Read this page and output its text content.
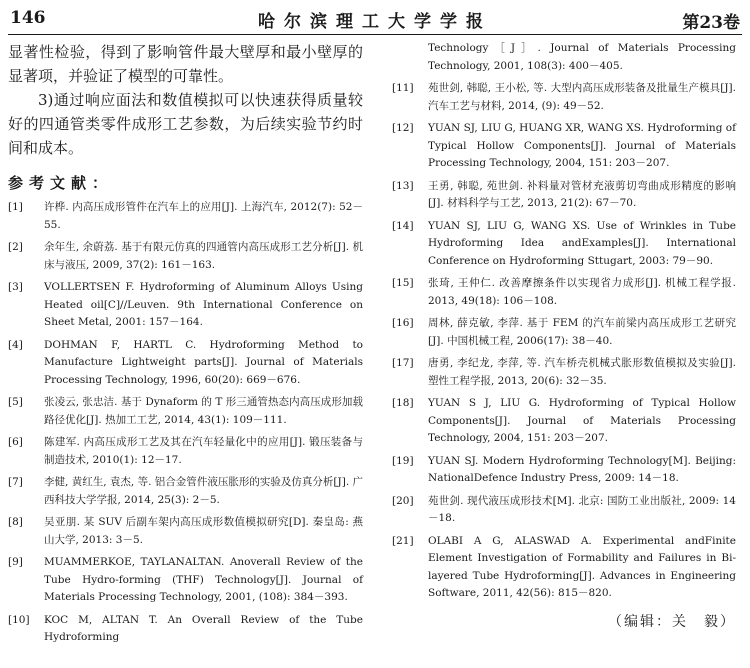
146	哈尔滨理工大学学报	第23卷

显著性检验，得到了影响管件最大壁厚和最小壁厚的显著项，并验证了模型的可靠性。

3)通过响应面法和数值模拟可以快速获得质量较好的四通管类零件成形工艺参数，为后续实验节约时间和成本。

参考文献：
[1]	许桦. 内高压成形管件在汽车上的应用[J]. 上海汽车, 2012(7): 52－55.
[2]	余年生, 余蔚荔. 基于有限元仿真的四通管内高压成形工艺分析[J]. 机床与液压, 2009, 37(2): 161－163.
[3]	VOLLERTSEN F. Hydroforming of Aluminum Alloys Using Heated oil[C]//Leuven. 9th International Conference on Sheet Metal, 2001: 157－164.
[4]	DOHMAN F, HARTL C. Hydroforming Method to Manufacture Lightweight parts[J]. Journal of Materials Processing Technology, 1996, 60(20): 669－676.
[5]	张凌云, 张忠洁. 基于 Dynaform 的 T 形三通管热态内高压成形加载路径优化[J]. 热加工工艺, 2014, 43(1): 109－111.
[6]	陈建军. 内高压成形工艺及其在汽车轻量化中的应用[J]. 锻压装备与制造技术, 2010(1): 12－17.
[7]	李健, 黄红生, 袁杰, 等. 铝合金管件液压胀形的实验及仿真分析[J]. 广西科技大学学报, 2014, 25(3): 2－5.
[8]	吴亚朋. 某 SUV 后副车架内高压成形数值模拟研究[D]. 秦皇岛: 燕山大学, 2013: 3－5.
[9]	MUAMMERKOE, TAYLANALTAN. Anoverall Review of the Tube Hydro-forming (THF) Technology[J]. Journal of Materials Processing Technology, 2001, (108): 384－393.
[10]	KOC M, ALTAN T. An Overall Review of the Tube Hydroforming
Technology［J］. Journal of Materials Processing Technology, 2001, 108(3): 400－405.
[11]	苑世剑, 韩聪, 王小松, 等. 大型内高压成形装备及批量生产模具[J]. 汽车工艺与材料, 2014, (9): 49－52.
[12]	YUAN SJ, LIU G, HUANG XR, WANG XS. Hydroforming of Typical Hollow Components[J]. Journal of Materials Processing Technology, 2004, 151: 203－207.
[13]	王勇, 韩聪, 苑世剑. 补料量对管材充液剪切弯曲成形精度的影响[J]. 材料科学与工艺, 2013, 21(2): 67－70.
[14]	YUAN SJ, LIU G, WANG XS. Use of Wrinkles in Tube Hydroforming Idea andExamples[J]. International Conference on Hydroforming Sttugart, 2003: 79－90.
[15]	张琦, 王仲仁. 改善摩擦条件以实现省力成形[J]. 机械工程学报. 2013, 49(18): 106－108.
[16]	周林, 薛克敏, 李萍. 基于 FEM 的汽车前梁内高压成形工艺研究[J]. 中国机械工程, 2006(17): 38－40.
[17]	唐勇, 李纪龙, 李萍, 等. 汽车桥壳机械式胀形数值模拟及实验[J]. 塑性工程学报, 2013, 20(6): 32－35.
[18]	YUAN S J, LIU G. Hydroforming of Typical Hollow Components[J]. Journal of Materials Processing Technology, 2004, 151: 203－207.
[19]	YUAN SJ. Modern Hydroforming Technology[M]. Beijing: NationalDefence Industry Press, 2009: 14－18.
[20]	苑世剑. 现代液压成形技术[M]. 北京: 国防工业出版社, 2009: 14－18.
[21]	OLABI A G, ALASWAD A. Experimental andFinite Element Investigation of Formability and Failures in Bi-layered Tube Hydroforming[J]. Advances in Engineering Software, 2011, 42(56): 815－820.
（编辑：关　毅）
